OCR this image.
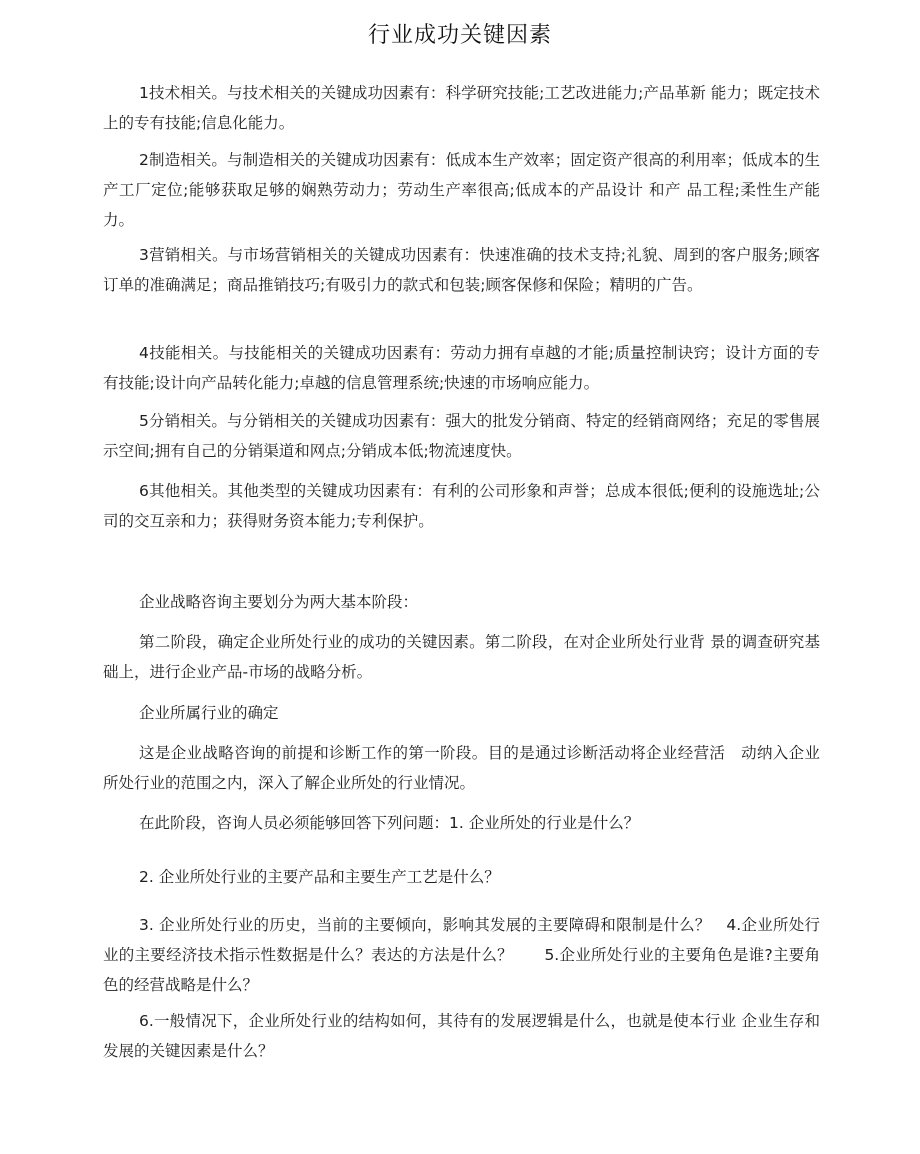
行业成功关键因素

1技术相关。与技术相关的关键成功因素有：科学研究技能;工艺改进能力;产品革新 能力；既定技术上的专有技能;信息化能力。

2制造相关。与制造相关的关键成功因素有：低成本生产效率；固定资产很高的利用率；低成本的生产工厂定位;能够获取足够的娴熟劳动力；劳动生产率很高;低成本的产品设计 和产 品工程;柔性生产能力。

3营销相关。与市场营销相关的关键成功因素有：快速准确的技术支持;礼貌、周到的客户服务;顾客订单的准确满足；商品推销技巧;有吸引力的款式和包装;顾客保修和保险；精明的广告。

4技能相关。与技能相关的关键成功因素有：劳动力拥有卓越的才能;质量控制诀窍；设计方面的专有技能;设计向产品转化能力;卓越的信息管理系统;快速的市场响应能力。

5分销相关。与分销相关的关键成功因素有：强大的批发分销商、特定的经销商网络；充足的零售展示空间;拥有自己的分销渠道和网点;分销成本低;物流速度快。

6其他相关。其他类型的关键成功因素有：有利的公司形象和声誉；总成本很低;便利的设施选址;公司的交互亲和力；获得财务资本能力;专利保护。

企业战略咨询主要划分为两大基本阶段：

第二阶段，确定企业所处行业的成功的关键因素。第二阶段，在对企业所处行业背 景的调查研究基础上，进行企业产品-市场的战略分析。

企业所属行业的确定

这是企业战略咨询的前提和诊断工作的第一阶段。目的是通过诊断活动将企业经营活　动纳入企业所处行业的范围之内，深入了解企业所处的行业情况。

在此阶段，咨询人员必须能够回答下列问题：1. 企业所处的行业是什么？

2. 企业所处行业的主要产品和主要生产工艺是什么？

3. 企业所处行业的历史，当前的主要倾向，影响其发展的主要障碍和限制是什么？　4.企业所处行业的主要经济技术指示性数据是什么？表达的方法是什么？　　5.企业所处行业的主要角色是谁?主要角色的经营战略是什么？

6.一般情况下，企业所处行业的结构如何，其待有的发展逻辑是什么，也就是使本行业 企业生存和发展的关键因素是什么？
